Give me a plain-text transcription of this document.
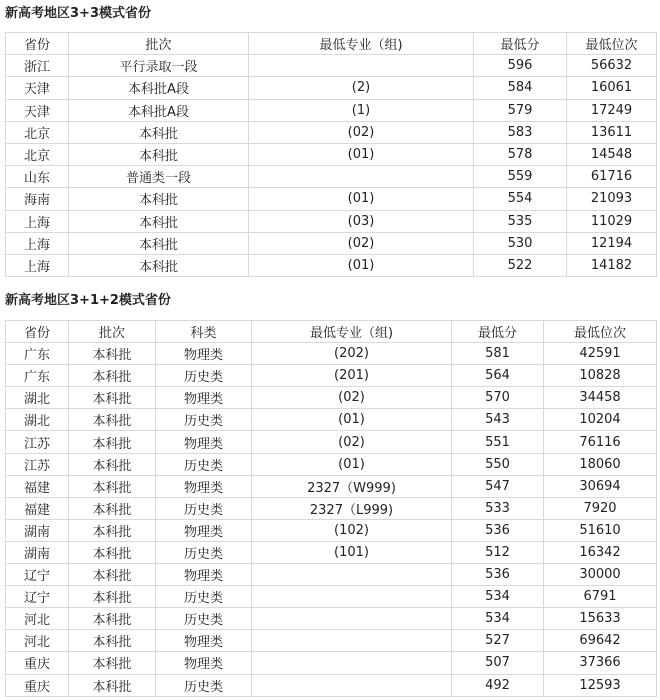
新高考地区3+3模式省份
省份	批次	最低专业（组)	最低分	最低位次
浙江	平行录取一段		596	56632
天津	本科批A段	(2)	584	16061
天津	本科批A段	(1)	579	17249
北京	本科批	(02)	583	13611
北京	本科批	(01)	578	14548
山东	普通类一段		559	61716
海南	本科批	(01)	554	21093
上海	本科批	(03)	535	11029
上海	本科批	(02)	530	12194
上海	本科批	(01)	522	14182
新高考地区3+1+2模式省份
省份	批次	科类	最低专业（组)	最低分	最低位次
广东	本科批	物理类	(202)	581	42591
广东	本科批	历史类	(201)	564	10828
湖北	本科批	物理类	(02)	570	34458
湖北	本科批	历史类	(01)	543	10204
江苏	本科批	物理类	(02)	551	76116
江苏	本科批	历史类	(01)	550	18060
福建	本科批	物理类	2327（W999)	547	30694
福建	本科批	历史类	2327（L999)	533	7920
湖南	本科批	物理类	(102)	536	51610
湖南	本科批	历史类	(101)	512	16342
辽宁	本科批	物理类		536	30000
辽宁	本科批	历史类		534	6791
河北	本科批	历史类		534	15633
河北	本科批	物理类		527	69642
重庆	本科批	物理类		507	37366
重庆	本科批	历史类		492	12593
